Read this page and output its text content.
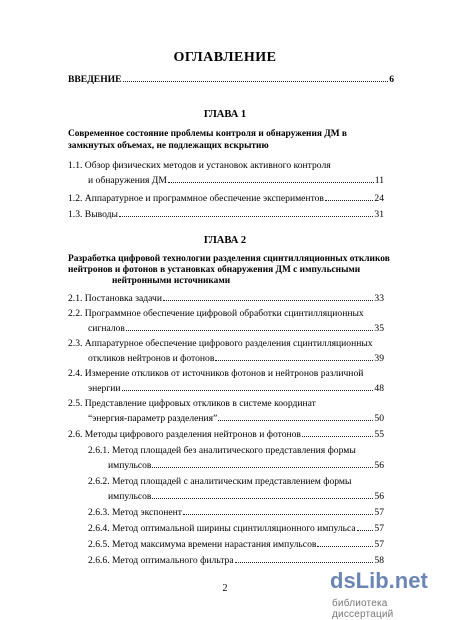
ОГЛАВЛЕНИЕ
ВВЕДЕНИЕ	6
ГЛАВА 1
Современное состояние проблемы контроля и обнаружения ДМ в
замкнутых объемах, не подлежащих вскрытию
1.1. Обзор физических методов и установок активного контроля
и обнаружения ДМ	11
1.2. Аппаратурное и программное обеспечение экспериментов	24
1.3. Выводы	31
ГЛАВА 2
Разработка цифровой технологии разделения сцинтилляционных откликов
нейтронов и фотонов в установках обнаружения ДМ с импульсными
нейтронными источниками
2.1. Постановка задачи	33
2.2. Программное обеспечение цифровой обработки сцинтилляционных
сигналов	35
2.3. Аппаратурное обеспечение цифрового разделения сцинтилляционных
откликов нейтронов и фотонов	39
2.4. Измерение откликов от источников фотонов и нейтронов различной
энергии	48
2.5. Представление цифровых откликов в системе координат
“энергия-параметр разделения”	50
2.6. Методы цифрового разделения нейтронов и фотонов	55
2.6.1. Метод площадей без аналитического представления формы
импульсов	56
2.6.2. Метод площадей с аналитическим представлением формы
импульсов	56
2.6.3. Метод экспонент	57
2.6.4. Метод оптимальной ширины сцинтилляционного импульса 57
2.6.5. Метод максимума времени нарастания импульсов	57
2.6.6. Метод оптимального фильтра	58
2	dsLib.net
библиотека диссертаций
